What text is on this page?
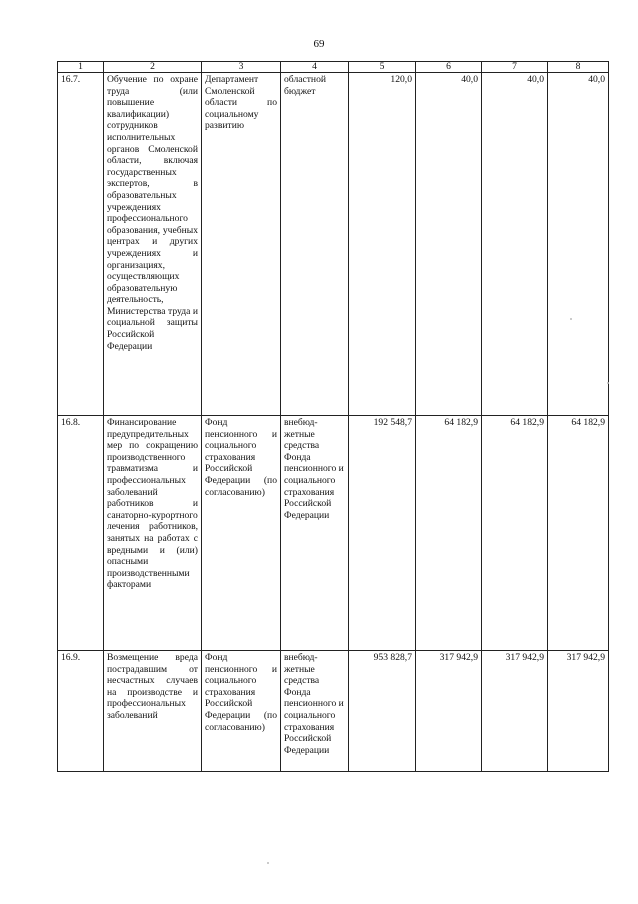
69
1	2	3	4	5	6	7	8
16.7.	Обучение по охране труда (или повышение квалификации) сотрудников исполнительных органов Смоленской области, включая государственных экспертов, в образовательных учреждениях профессионального образования, учебных центрах и других учреждениях и организациях, осуществляющих образовательную деятельность, Министерства труда и социальной защиты Российской Федерации	Департамент Смоленской области по социальному развитию	областной бюджет	120,0	40,0	40,0	40,0
16.8.	Финансирование предупредительных мер по сокращению производственного травматизма и профессиональных заболеваний работников и санаторно-курортного лечения работников, занятых на работах с вредными и (или) опасными производственными факторами	Фонд пенсионного и социального страхования Российской Федерации (по согласованию)	внебюджетные средства Фонда пенсионного и социального страхования Российской Федерации	192 548,7	64 182,9	64 182,9	64 182,9
16.9.	Возмещение вреда пострадавшим от несчастных случаев на производстве и профессиональных заболеваний	Фонд пенсионного и социального страхования Российской Федерации (по согласованию)	внебюджетные средства Фонда пенсионного и социального страхования Российской Федерации	953 828,7	317 942,9	317 942,9	317 942,9
